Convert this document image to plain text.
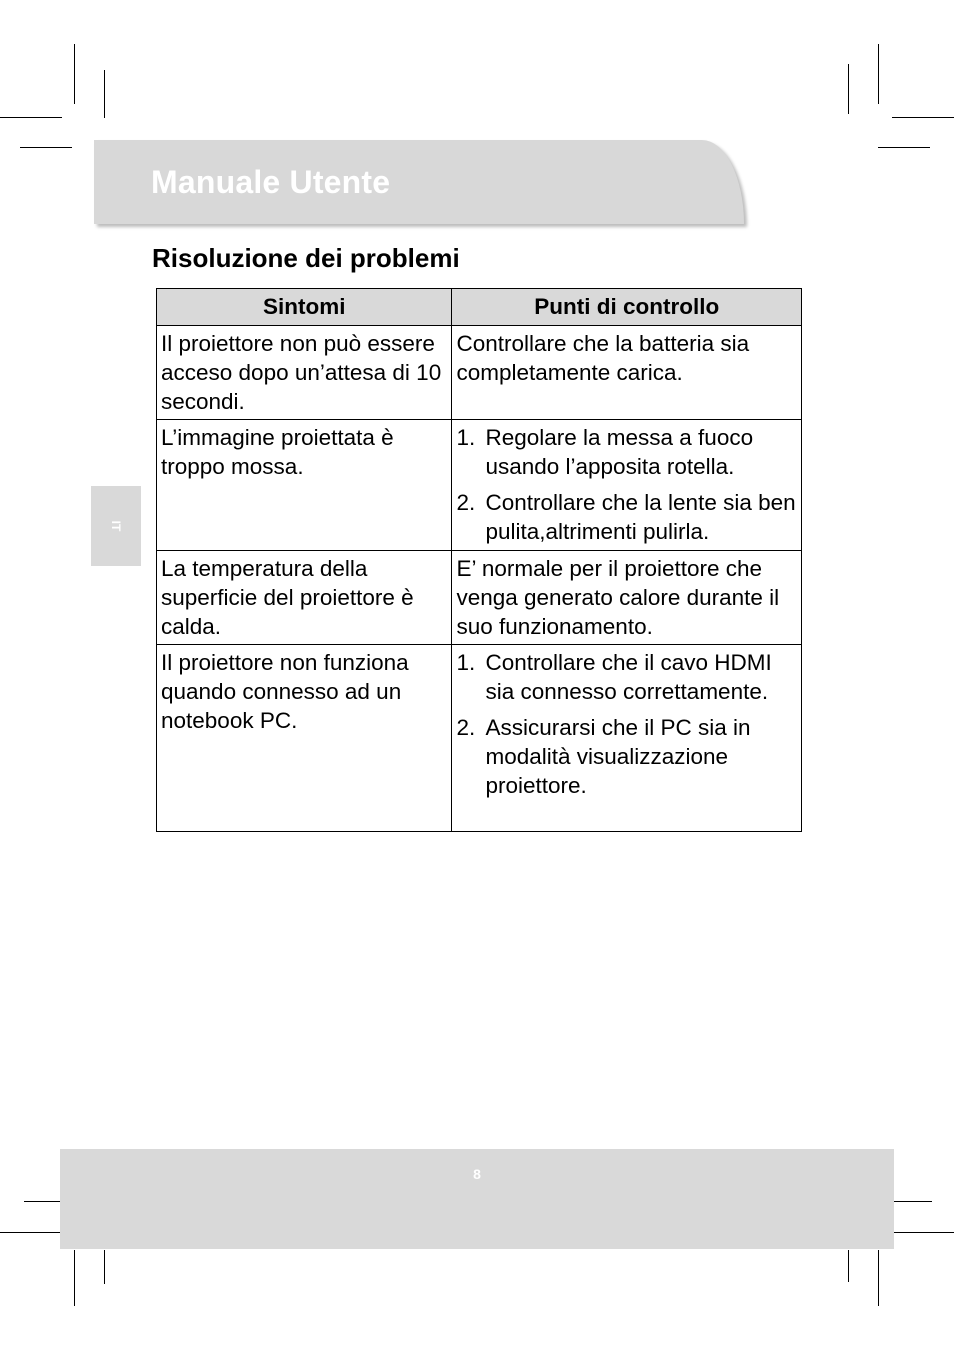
Manuale Utente
IT
Risoluzione dei problemi
Sintomi	Punti di controllo
Il proiettore non può essere acceso dopo un’attesa di 10 secondi.	Controllare che la batteria sia completamente carica.
L’immagine proiettata è troppo mossa.	1. Regolare la messa a fuoco usando l’apposita rotella.
2. Controllare che la lente sia ben pulita,altrimenti pulirla.

La temperatura della superficie del proiettore è calda.	E’ normale per il proiettore che venga generato calore durante il suo funzionamento.
Il proiettore non funziona quando connesso ad un notebook PC.	1. Controllare che il cavo HDMI sia connesso correttamente.
2. Assicurarsi che il PC sia in modalità visualizzazione proiettore.
8
